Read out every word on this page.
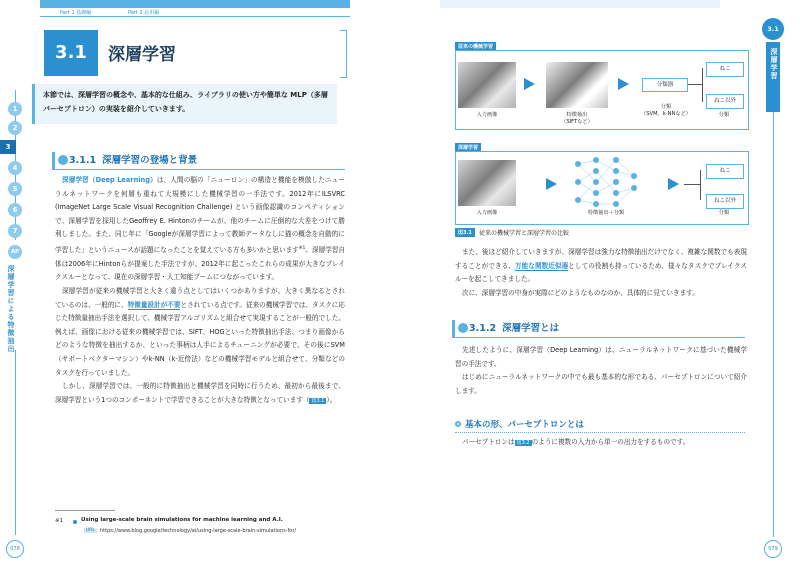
Part 1 基礎編	Part 2 応用編
1
2
3
4
5
6
7
AP
深層学習による特徴抽出
3.1	深層学習
本節では、深層学習の概念や、基本的な仕組み、ライブラリの使い方や簡単な MLP（多層パーセプトロン）の実装を紹介していきます。
3.1.1 深層学習の登場と背景

深層学習（Deep Learning）は、人間の脳の「ニューロン」の構造と機能を模倣したニューラルネットワークを何層も重ねて大規模にした機械学習の一手法です。2012年にILSVRC (ImageNet Large Scale Visual Recognition Challenge) という画像認識のコンペティションで、深層学習を採用したGeoffrey E. Hintonのチームが、他のチームに圧倒的な大差をつけて勝利しました。また、同じ年に「Googleが深層学習によって教師データなしに猫の概念を自動的に学習した」というニュースが話題になったことを覚えている方も多いかと思います$^{※1}$。深層学習自体は2006年にHintonらが提案した手法ですが、2012年に起こったこれらの成果が大きなブレイクスルーとなって、現在の深層学習・人工知能ブームにつながっています。

深層学習が従来の機械学習と大きく違う点としてはいくつかありますが、大きく異なるとされているのは、一般的に、特徴量設計が不要とされている点です。従来の機械学習では、タスクに応じた特徴量抽出手法を選択して、機械学習アルゴリズムと組合せて実現することが一般的でした。例えば、画像における従来の機械学習では、SIFT、HOGといった特徴抽出手法、つまり画像からどのような特徴を抽出するか、といった事柄は人手によるチューニングが必要で、その後にSVM（サポートベクターマシン）やk-NN（k-近傍法）などの機械学習モデルと組合せて、分類などのタスクを行っていました。

しかし、深層学習では、一般的に特徴抽出と機械学習を同時に行うため、最初から最後まで、深層学習という1つのコンポーネントで学習できることが大きな特徴となっています（ 図3.1 ）。

※1	Using large-scale brain simulations for machine learning and A.I.
URL	https://www.blog.google/technology/ai/using-large-scale-brain-simulations-for/
078
従来の機械学習
入力画像	特徴抽出
（SIFTなど）
分類器
分類
（SVM、k-NNなど）
ねこ
ねこ以外
分類
深層学習
入力画像	特徴抽出＋分類
ねこ
ねこ以外
分類
図3.1	従来の機械学習と深層学習の比較

また、後ほど紹介していきますが、深層学習は強力な特徴抽出だけでなく、複雑な関数でも表現することができる、万能な関数近似器としての役割も持っているため、様々なタスクでブレイクスルーを起こしてきました。

次に、深層学習の中身が実際にどのようなものなのか、具体的に見ていきます。

3.1.2 深層学習とは

先述したように、深層学習（Deep Learning）は、ニューラルネットワークに基づいた機械学習の手法です。

はじめにニューラルネットワークの中でも最も基本的な形である、パーセプトロンについて紹介します。

基本の形、パーセプトロンとは

パーセプトロンは 図3.2 のように複数の入力から単一の出力をするものです。

3.1
深層学習
079
